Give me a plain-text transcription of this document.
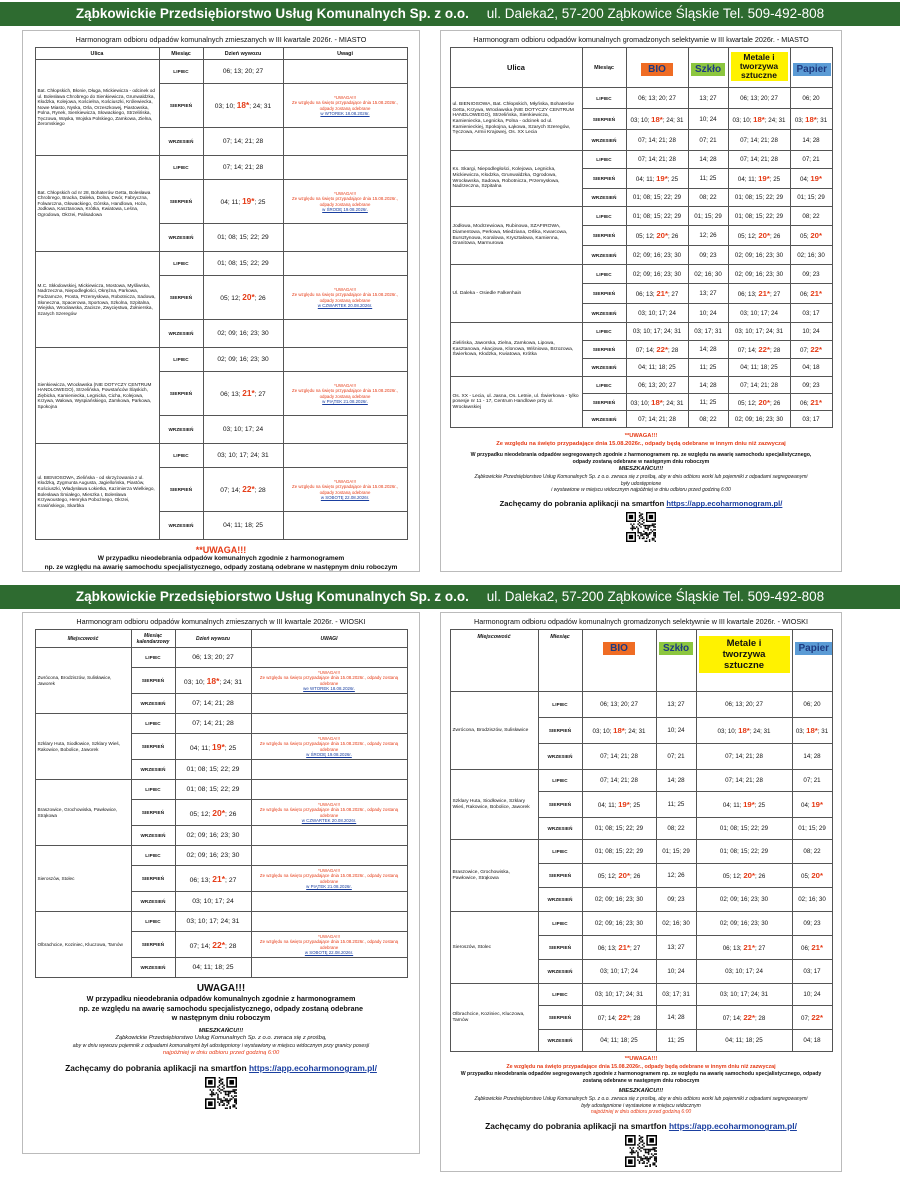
Ząbkowickie Przedsiębiorstwo Usług Komunalnych Sp. z o.o. ul. Daleka2, 57-200 Ząbkowice Śląskie Tel. 509-492-808
Ząbkowickie Przedsiębiorstwo Usług Komunalnych Sp. z o.o. ul. Daleka2, 57-200 Ząbkowice Śląskie Tel. 509-492-808
Harmonogram odbioru odpadów komunalnych zmieszanych w III kwartale 2026r. - MIASTO
Ulica	Miesiąc	Dzień wywozu	Uwagi
Bat. Chłopskich, Błonie, Długa, Mickiewicza - odcinek od ul. Bolesława Chrobrego do Sienkiewicza, Grunwaldzka, Kłodzka, Kolejowa, Kościelna, Kościuszki, Królewiecka, Nowe Miasto, Nyska, Orla, Orzeszkowej, Piastowska, Polna, Rynek, Sienkiewicza, Słowackiego, Strzelińska, Tęczowa, Wąska, Wojska Polskiego, Zamkowa, Zielna, Żeromskiego	LIPIEC	06; 13; 20; 27	
	SIERPIEŃ	03; 10; 18*; 24; 31	*UWAGA!!!
Ze względu na święto przypadające dnia 15.08.2026r., odpady zostaną odebrane
w WTOREK 18.08.2026r.

	WRZESIEŃ	07; 14; 21; 28	
Bat. Chłopskich od nr 28, Bohaterów Getta, Bolesława Chrobrego, Bracka, Daleka, Dolna, Dwór, Fabryczna, Folwarczna, Głowackiego, Górska, Handlowa, Hoża, Jodłowa, Kasztanowa, Krótka, Kwiatowa, Leśna, Ogrodowa, Okrzei, Palisadowa	LIPIEC	07; 14; 21; 28	
	SIERPIEŃ	04; 11; 19*; 25	*UWAGA!!!
Ze względu na święto przypadające dnia 15.08.2026r., odpady zostaną odebrane
w ŚRODĘ 19.08.2026r.

	WRZESIEŃ	01; 08; 15; 22; 29	
M.C. Skłodowskiej, Mickiewicza, Mostowa, Myśliwska, Nadrzeczna, Niepodległości, Okrężna, Parkowa, Podzamcze, Prosta, Przemysłowa, Robotnicza, Sadowa, Słoneczna, Spacerowa, Sportowa, Szkolna, Szpitalna, Wiejska, Wrocławska, Zacisze, Zwycięstwa, Żołnierska, Szarych Szeregów	LIPIEC	01; 08; 15; 22; 29	
	SIERPIEŃ	05; 12; 20*; 26	*UWAGA!!!
Ze względu na święto przypadające dnia 15.08.2026r., odpady zostaną odebrane
w CZWARTEK 20.08.2026r.

	WRZESIEŃ	02; 09; 16; 23; 30	
Sienkiewicza, Wrocławska (NIE DOTYCZY CENTRUM HANDLOWEGO), Strzelińska, Powstańców Śląskich, Ziębicka, Kamieniecka, Legnicka, Cicha, Kolejowa, Krzywa, Wałowa, Wyspiańskiego, Zamkowa, Parkowa, Spokojna	LIPIEC	02; 09; 16; 23; 30	
	SIERPIEŃ	06; 13; 21*; 27	*UWAGA!!!
Ze względu na święto przypadające dnia 15.08.2026r., odpady zostaną odebrane
w PIĄTEK 21.08.2026r.

	WRZESIEŃ	03; 10; 17; 24	
ul. BIENIOSOWA, Zielińska - od skrzyżowania z ul. Kłodzką, Zygmunta Augusta, Jagiellońska, Piastów, Kościuszki, Władysława Łokietka, Kazimierza Wielkiego, Bolesława Śmiałego, Mieszka I, Bolesława Krzywoustego, Henryka Pobożnego, Okrzei, Krasińskiego, Skarbka	LIPIEC	03; 10; 17; 24; 31	
	SIERPIEŃ	07; 14; 22*; 28	*UWAGA!!!
Ze względu na święto przypadające dnia 15.08.2026r., odpady zostaną odebrane
w SOBOTĘ 22.08.2026r.

	WRZESIEŃ	04; 11; 18; 25	
**UWAGA!!!
W przypadku nieodebrania odpadów komunalnych zgodnie z harmonogramem
np. ze względu na awarię samochodu specjalistycznego, odpady zostaną odebrane w następnym dniu roboczym
Harmonogram odbioru odpadów komunalnych gromadzonych selektywnie w III kwartale 2026r. - MIASTO
Ulica	Miesiąc	BIO	Szkło	Metale i tworzywa sztuczne	Papier
ul. BIENIOSOWA, Bat. Chłopskich, Młyńska, Bohaterów Getta, Krzywa, Wrocławska (NIE DOTYCZY CENTRUM HANDLOWEGO), Strzelińska, Sienkiewicza, Kamieniecka, Legnicka, Polna - odcinek od ul. Kamienieckiej, Spokojna, Łąkowa, Szarych Szeregów, Tęczowa, Armii Krajowej, Os. XX Lecia	LIPIEC	06; 13; 20; 27	13; 27	06; 13; 20; 27	06; 20
	SIERPIEŃ	03; 10; 18*; 24; 31	10; 24	03; 10; 18*; 24; 31	03; 18*; 31
	WRZESIEŃ	07; 14; 21; 28	07; 21	07; 14; 21; 28	14; 28
Ks. Skargi, Niepodległości, Kolejowa, Legnicka, Mickiewicza, Kłodzka, Grunwaldzka, Ogrodowa, Wrocławska, Sadowa, Robotnicza, Przemysłowa, Nadrzeczna, Szpitalna	LIPIEC	07; 14; 21; 28	14; 28	07; 14; 21; 28	07; 21
	SIERPIEŃ	04; 11; 19*; 25	11; 25	04; 11; 19*; 25	04; 19*
	WRZESIEŃ	01; 08; 15; 22; 29	08; 22	01; 08; 15; 22; 29	01; 15; 29
Jodłowa, Modrzewiowa, Rubinowa, SZAFIROWA, Diamentowa, Perłowa, Miedziana, Orlika, Kwarcowa, Bursztynowa, Koralowa, Kryształowa, Kamienna, Granitowa, Marmurowa	LIPIEC	01; 08; 15; 22; 29	01; 15; 29	01; 08; 15; 22; 29	08; 22
	SIERPIEŃ	05; 12; 20*; 26	12; 26	05; 12; 20*; 26	05; 20*
	WRZESIEŃ	02; 09; 16; 23; 30	09; 23	02; 09; 16; 23; 30	02; 16; 30
Ul. Daleka - Osiedle Falkenhain	LIPIEC	02; 09; 16; 23; 30	02; 16; 30	02; 09; 16; 23; 30	09; 23
	SIERPIEŃ	06; 13; 21*; 27	13; 27	06; 13; 21*; 27	06; 21*
	WRZESIEŃ	03; 10; 17; 24	10; 24	03; 10; 17; 24	03; 17
Zielińska, Jaworska, Zielna, Zamkowa, Lipowa, Kasztanowa, Akacjowa, Klonowa, Wiśniowa, Brzozowa, Świerkowa, Kłodzka, Kwiatowa, Krótka	LIPIEC	03; 10; 17; 24; 31	03; 17; 31	03; 10; 17; 24; 31	10; 24
	SIERPIEŃ	07; 14; 22*; 28	14; 28	07; 14; 22*; 28	07; 22*
	WRZESIEŃ	04; 11; 18; 25	11; 25	04; 11; 18; 25	04; 18
Os. XX - Lecia, ul. Jasna, Os. Letnie, ul. Świerkowa - tylko posesje nr 11 - 17, Centrum Handlowe przy ul. Wrocławskiej	LIPIEC	06; 13; 20; 27	14; 28	07; 14; 21; 28	09; 23
	SIERPIEŃ	03; 10; 18*; 24; 31	11; 25	05; 12; 20*; 26	06; 21*
	WRZESIEŃ	07; 14; 21; 28	08; 22	02; 09; 16; 23; 30	03; 17
**UWAGA!!!
Ze względu na święto przypadające dnia 15.08.2026r., odpady będą odebrane w innym dniu niż zazwyczaj
W przypadku nieodebrania odpadów segregowanych zgodnie z harmonogramem np. ze względu na awarię samochodu specjalistycznego, odpady zostaną odebrane w następnym dniu roboczym
MIESZKAŃCU!!!
Ząbkowickie Przedsiębiorstwo Usług Komunalnych Sp. z o.o. zwraca się z prośbą, aby w dniu odbioru worki lub pojemniki z odpadami segregowanymi były udostępnione
i wystawione w miejscu widocznym najpóźniej w dniu odbioru przed godziną 6:00
Zachęcamy do pobrania aplikacji na smartfon https://app.ecoharmonogram.pl/
Harmonogram odbioru odpadów komunalnych zmieszanych w III kwartale 2026r. - WIOSKI
Miejscowość	Miesiąc kalendarzowy	Dzień wywozu	UWAGI
Zwrócona, Brodziszów, Sulisławice, Jaworek	LIPIEC	06; 13; 20; 27	
	SIERPIEŃ	03; 10; 18*; 24; 31	*UWAGA!!!
Ze względu na święto przypadające dnia 15.08.2026r., odpady zostaną odebrane
we WTOREK 18.08.2026r.

	WRZESIEŃ	07; 14; 21; 28	
Szklary Huta, Siodłowice, Szklary Wieś, Rakowice, Bobolice, Jaworek	LIPIEC	07; 14; 21; 28	
	SIERPIEŃ	04; 11; 19*; 25	*UWAGA!!!
Ze względu na święto przypadające dnia 15.08.2026r., odpady zostaną odebrane
w ŚRODĘ 19.08.2026r.

	WRZESIEŃ	01; 08; 15; 22; 29	
Braszowice, Grochowiska, Pawłowice, Strąkowa	LIPIEC	01; 08; 15; 22; 29	
	SIERPIEŃ	05; 12; 20*; 26	*UWAGA!!!
Ze względu na święto przypadające dnia 15.08.2026r., odpady zostaną odebrane
w CZWARTEK 20.08.2026r.

	WRZESIEŃ	02; 09; 16; 23; 30	
Sieroszów, Stolec	LIPIEC	02; 09; 16; 23; 30	
	SIERPIEŃ	06; 13; 21*; 27	*UWAGA!!!
Ze względu na święto przypadające dnia 15.08.2026r., odpady zostaną odebrane
w PIĄTEK 21.08.2026r.

	WRZESIEŃ	03; 10; 17; 24	
Olbrachcice, Koziniec, Kluczowa, Tarnów	LIPIEC	03; 10; 17; 24; 31	
	SIERPIEŃ	07; 14; 22*; 28	*UWAGA!!!
Ze względu na święto przypadające dnia 15.08.2026r., odpady zostaną odebrane
w SOBOTĘ 22.08.2026r.

	WRZESIEŃ	04; 11; 18; 25	
UWAGA!!!
W przypadku nieodebrania odpadów komunalnych zgodnie z harmonogramem
np. ze względu na awarię samochodu specjalistycznego, odpady zostaną odebrane
w następnym dniu roboczym
MIESZKAŃCU!!!
Ząbkowickie Przedsiębiorstwo Usług Komunalnych Sp. z o.o. zwraca się z prośbą,
aby w dniu wywozu pojemnik z odpadami komunalnymi był udostępniony i wystawiony w miejscu widocznym przy granicy posesji
najpóźniej w dniu odbioru przed godziną 6:00
Zachęcamy do pobrania aplikacji na smartfon https://app.ecoharmonogram.pl/
Harmonogram odbioru odpadów komunalnych gromadzonych selektywnie w III kwartale 2026r. - WIOSKI
Miejscowość	Miesiąc	BIO	Szkło	Metale i tworzywa sztuczne	Papier
Zwrócona, Brodziszów, Sulisławice	LIPIEC	06; 13; 20; 27	13; 27	06; 13; 20; 27	06; 20
	SIERPIEŃ	03; 10; 18*; 24; 31	10; 24	03; 10; 18*; 24; 31	03; 18*; 31
	WRZESIEŃ	07; 14; 21; 28	07; 21	07; 14; 21; 28	14; 28
Szklary Huta, Siodłowice, Szklary Wieś, Rakowice, Bobolice, Jaworek	LIPIEC	07; 14; 21; 28	14; 28	07; 14; 21; 28	07; 21
	SIERPIEŃ	04; 11; 19*; 25	11; 25	04; 11; 19*; 25	04; 19*
	WRZESIEŃ	01; 08; 15; 22; 29	08; 22	01; 08; 15; 22; 29	01; 15; 29
Braszowice, Grochowiska, Pawłowice, Strąkowa	LIPIEC	01; 08; 15; 22; 29	01; 15; 29	01; 08; 15; 22; 29	08; 22
	SIERPIEŃ	05; 12; 20*; 26	12; 26	05; 12; 20*; 26	05; 20*
	WRZESIEŃ	02; 09; 16; 23; 30	09; 23	02; 09; 16; 23; 30	02; 16; 30
Sieroszów, Stolec	LIPIEC	02; 09; 16; 23; 30	02; 16; 30	02; 09; 16; 23; 30	09; 23
	SIERPIEŃ	06; 13; 21*; 27	13; 27	06; 13; 21*; 27	06; 21*
	WRZESIEŃ	03; 10; 17; 24	10; 24	03; 10; 17; 24	03; 17
Olbrachcice, Koziniec, Kluczowa, Tarnów	LIPIEC	03; 10; 17; 24; 31	03; 17; 31	03; 10; 17; 24; 31	10; 24
	SIERPIEŃ	07; 14; 22*; 28	14; 28	07; 14; 22*; 28	07; 22*
	WRZESIEŃ	04; 11; 18; 25	11; 25	04; 11; 18; 25	04; 18
**UWAGA!!!
Ze względu na święto przypadające dnia 15.08.2026r., odpady będą odebrane w innym dniu niż zazwyczaj
W przypadku nieodebrania odpadów segregowanych zgodnie z harmonogramem np. ze względu na awarię samochodu specjalistycznego, odpady zostaną odebrane w następnym dniu roboczym
MIESZKAŃCU!!!
Ząbkowickie Przedsiębiorstwo Usług Komunalnych Sp. z o.o. zwraca się z prośbą, aby w dniu odbioru worki lub pojemniki z odpadami segregowanymi były udostępnione i wystawione w miejscu widocznym
najpóźniej w dniu odbioru przed godziną 6:00
Zachęcamy do pobrania aplikacji na smartfon https://app.ecoharmonogram.pl/
